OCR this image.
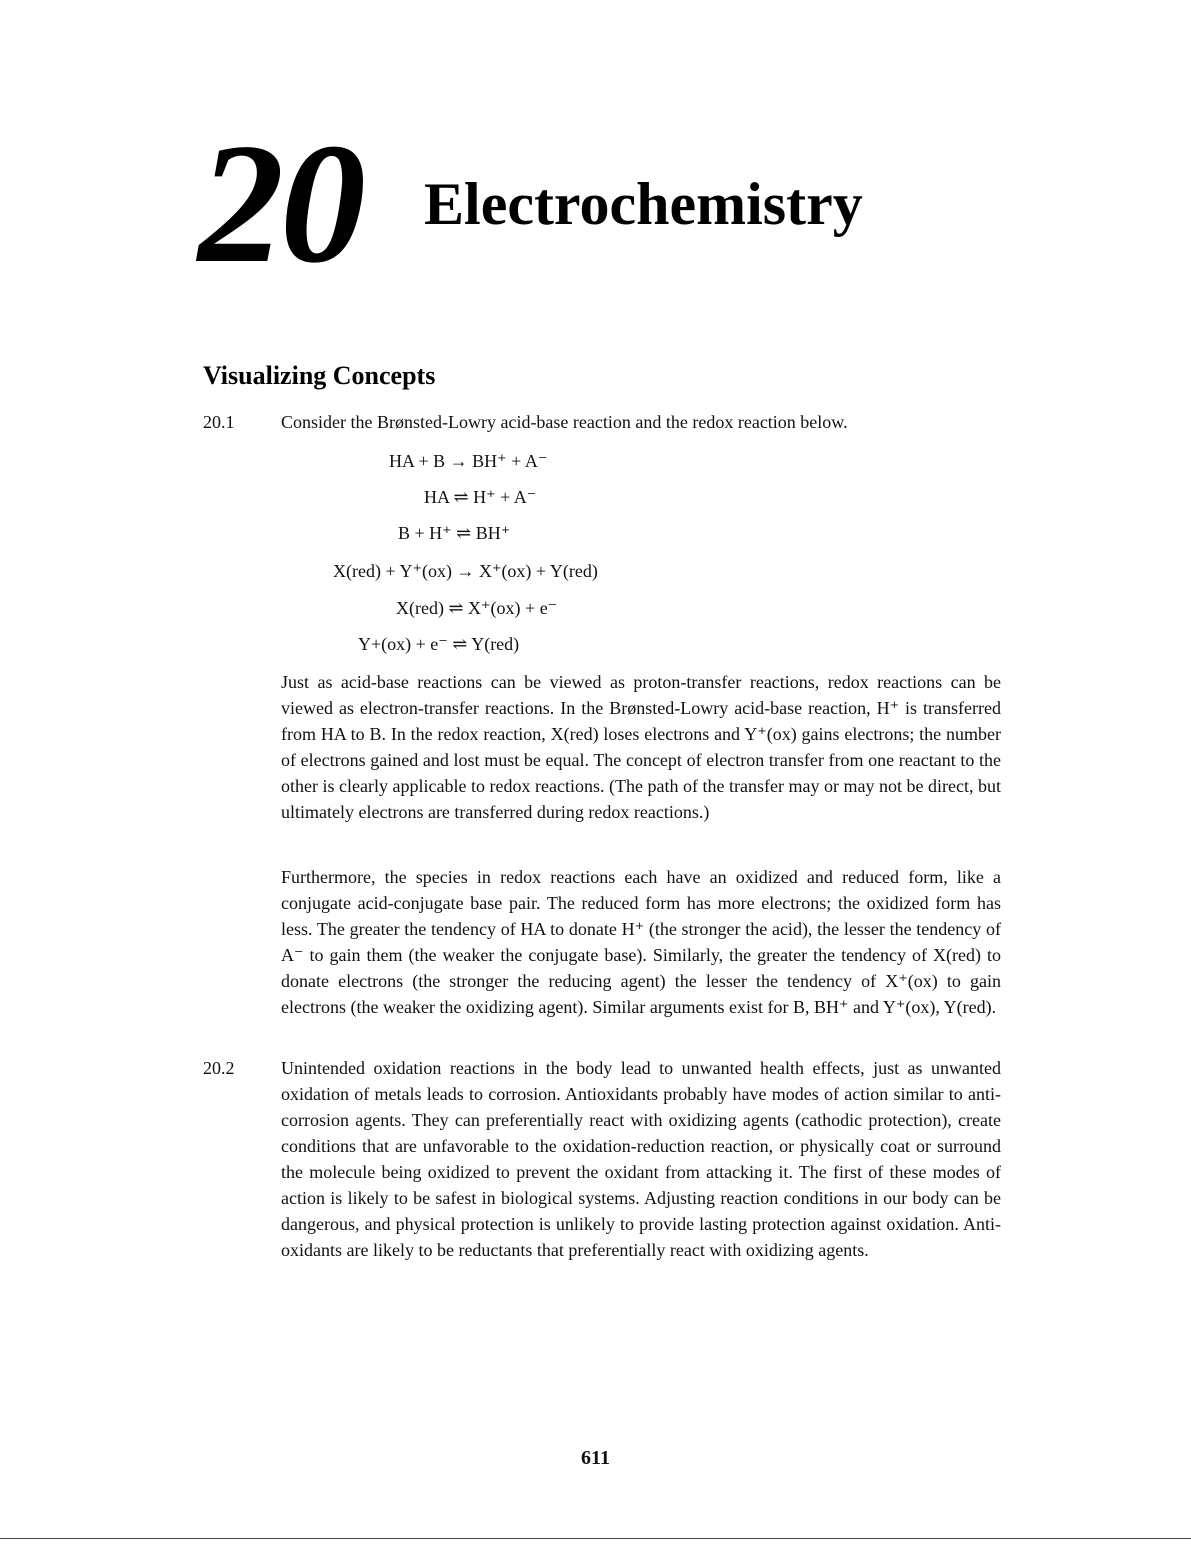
20 Electrochemistry
Visualizing Concepts
20.1	Consider the Brønsted-Lowry acid-base reaction and the redox reaction below.
HA + B → BH⁺ + A⁻
HA ⇌ H⁺ + A⁻
B + H⁺ ⇌ BH⁺
X(red) + Y⁺(ox) → X⁺(ox) + Y(red)
X(red) ⇌ X⁺(ox) + e⁻
Y+(ox) + e⁻ ⇌ Y(red)

Just as acid-base reactions can be viewed as proton-transfer reactions, redox reactions can be viewed as electron-transfer reactions. In the Brønsted-Lowry acid-base reaction, H⁺ is transferred from HA to B. In the redox reaction, X(red) loses electrons and Y⁺(ox) gains electrons; the number of electrons gained and lost must be equal. The concept of electron transfer from one reactant to the other is clearly applicable to redox reactions. (The path of the transfer may or may not be direct, but ultimately electrons are transferred during redox reactions.)

Furthermore, the species in redox reactions each have an oxidized and reduced form, like a conjugate acid-conjugate base pair. The reduced form has more electrons; the oxidized form has less. The greater the tendency of HA to donate H⁺ (the stronger the acid), the lesser the tendency of A⁻ to gain them (the weaker the conjugate base). Similarly, the greater the tendency of X(red) to donate electrons (the stronger the reducing agent) the lesser the tendency of X⁺(ox) to gain electrons (the weaker the oxidizing agent). Similar arguments exist for B, BH⁺ and Y⁺(ox), Y(red).

20.2	Unintended oxidation reactions in the body lead to unwanted health effects, just as unwanted oxidation of metals leads to corrosion. Antioxidants probably have modes of action similar to anti-corrosion agents. They can preferentially react with oxidizing agents (cathodic protection), create conditions that are unfavorable to the oxidation-reduction reaction, or physically coat or surround the molecule being oxidized to prevent the oxidant from attacking it. The first of these modes of action is likely to be safest in biological systems. Adjusting reaction conditions in our body can be dangerous, and physical protection is unlikely to provide lasting protection against oxidation. Anti-oxidants are likely to be reductants that preferentially react with oxidizing agents.

611
